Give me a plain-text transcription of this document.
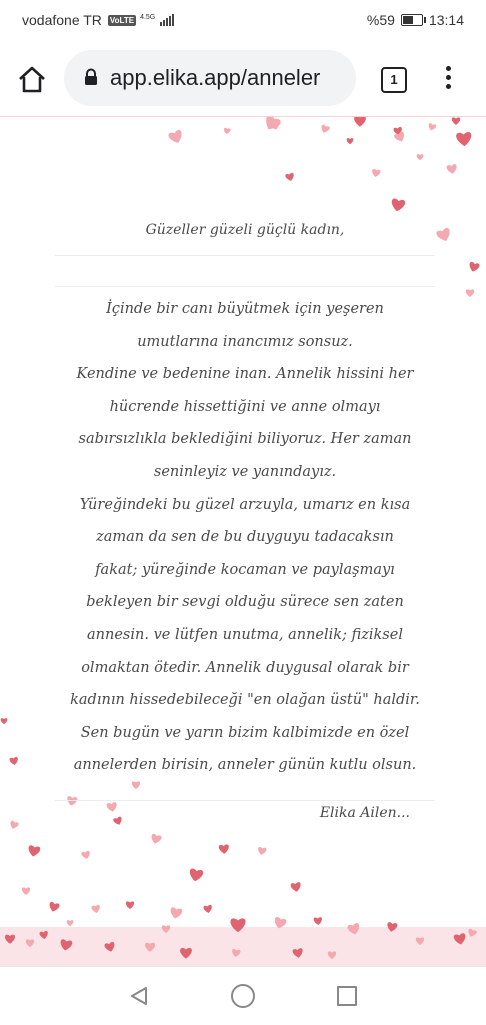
vodafone TR VoLTE 4.5G	%59 13:14
app.elika.app/anneler	1
Güzeller güzeli güçlü kadın,
İçinde bir canı büyütmek için yeşeren
umutlarına inancımız sonsuz.
Kendine ve bedenine inan. Annelik hissini her
hücrende hissettiğini ve anne olmayı
sabırsızlıkla beklediğini biliyoruz. Her zaman
seninleyiz ve yanındayız.
Yüreğindeki bu güzel arzuyla, umarız en kısa
zaman da sen de bu duyguyu tadacaksın
fakat; yüreğinde kocaman ve paylaşmayı
bekleyen bir sevgi olduğu sürece sen zaten
annesin. ve lütfen unutma, annelik; fiziksel
olmaktan ötedir. Annelik duygusal olarak bir
kadının hissedebileceği "en olağan üstü" haldir.
Sen bugün ve yarın bizim kalbimizde en özel
annelerden birisin, anneler günün kutlu olsun.
Elika Ailen...
